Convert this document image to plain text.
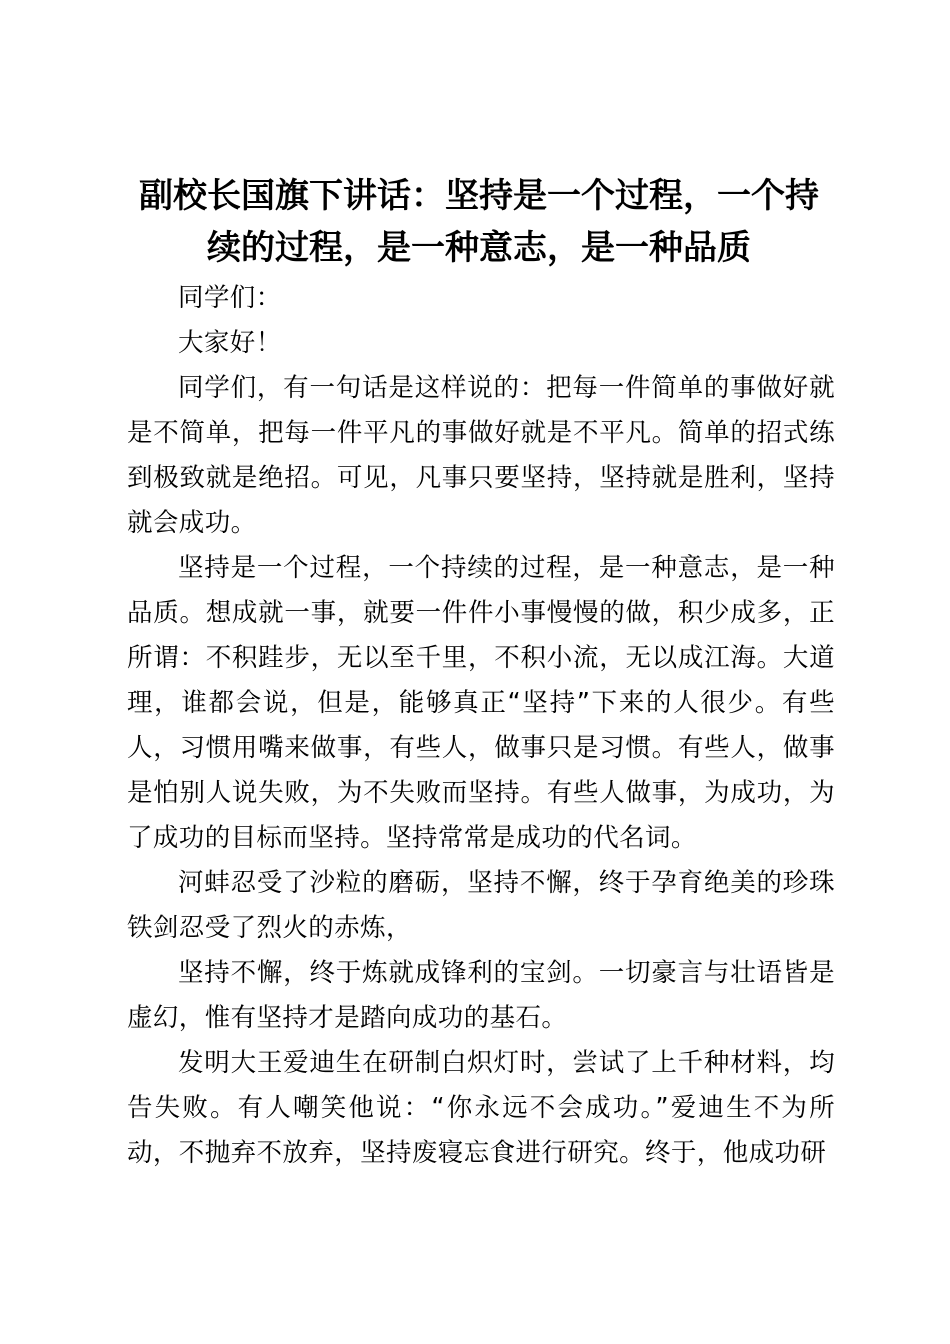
副校长国旗下讲话：坚持是一个过程，一个持续的过程，是一种意志，是一种品质

同学们：

大家好！

同学们，有一句话是这样说的：把每一件简单的事做好就是不简单，把每一件平凡的事做好就是不平凡。简单的招式练到极致就是绝招。可见，凡事只要坚持，坚持就是胜利，坚持就会成功。

坚持是一个过程，一个持续的过程，是一种意志，是一种品质。想成就一事，就要一件件小事慢慢的做，积少成多，正所谓：不积跬步，无以至千里，不积小流，无以成江海。大道理，谁都会说，但是，能够真正“坚持”下来的人很少。有些人，习惯用嘴来做事，有些人，做事只是习惯。有些人，做事是怕别人说失败，为不失败而坚持。有些人做事，为成功，为了成功的目标而坚持。坚持常常是成功的代名词。

河蚌忍受了沙粒的磨砺，坚持不懈，终于孕育绝美的珍珠铁剑忍受了烈火的赤炼，

坚持不懈，终于炼就成锋利的宝剑。一切豪言与壮语皆是虚幻，惟有坚持才是踏向成功的基石。

发明大王爱迪生在研制白炽灯时，尝试了上千种材料，均告失败。有人嘲笑他说：“你永远不会成功。”爱迪生不为所动，不抛弃不放弃，坚持废寝忘食进行研究。终于，他成功研
